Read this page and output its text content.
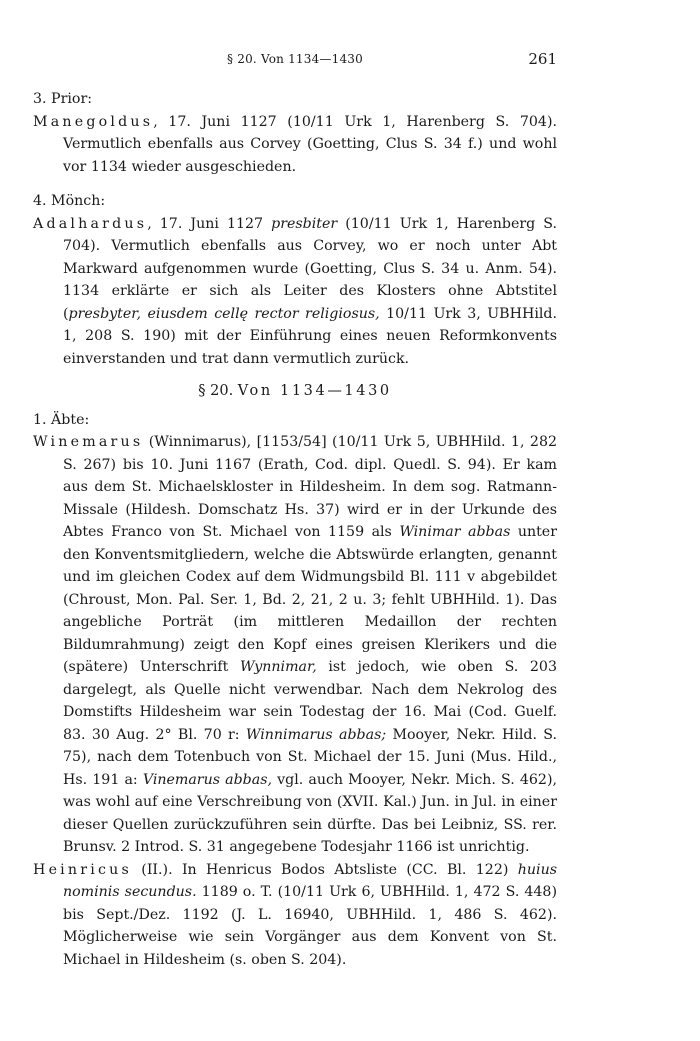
§ 20. Von 1134—1430	261

3. Prior:

Manegoldus, 17. Juni 1127 (10/11 Urk 1, Harenberg S. 704). Vermutlich ebenfalls aus Corvey (Goetting, Clus S. 34 f.) und wohl vor 1134 wieder ausgeschieden.

4. Mönch:

Adalhardus, 17. Juni 1127 presbiter (10/11 Urk 1, Harenberg S. 704). Vermutlich ebenfalls aus Corvey, wo er noch unter Abt Markward aufgenommen wurde (Goetting, Clus S. 34 u. Anm. 54). 1134 erklärte er sich als Leiter des Klosters ohne Abtstitel (presbyter, eiusdem cellę rector religiosus, 10/11 Urk 3, UBHHild. 1, 208 S. 190) mit der Einführung eines neuen Reformkonvents einverstanden und trat dann vermutlich zurück.

§ 20. Von 1134—1430

1. Äbte:

Winemarus (Winnimarus), [1153/54] (10/11 Urk 5, UBHHild. 1, 282 S. 267) bis 10. Juni 1167 (Erath, Cod. dipl. Quedl. S. 94). Er kam aus dem St. Michaelskloster in Hildesheim. In dem sog. Ratmann-Missale (Hildesh. Domschatz Hs. 37) wird er in der Urkunde des Abtes Franco von St. Michael von 1159 als Winimar abbas unter den Konventsmitgliedern, welche die Abtswürde erlangten, genannt und im gleichen Codex auf dem Widmungsbild Bl. 111 v abgebildet (Chroust, Mon. Pal. Ser. 1, Bd. 2, 21, 2 u. 3; fehlt UBHHild. 1). Das angebliche Porträt (im mittleren Medaillon der rechten Bildumrahmung) zeigt den Kopf eines greisen Klerikers und die (spätere) Unterschrift Wynnimar, ist jedoch, wie oben S. 203 dargelegt, als Quelle nicht verwendbar. Nach dem Nekrolog des Domstifts Hildesheim war sein Todestag der 16. Mai (Cod. Guelf. 83. 30 Aug. 2° Bl. 70 r: Winnimarus abbas; Mooyer, Nekr. Hild. S. 75), nach dem Totenbuch von St. Michael der 15. Juni (Mus. Hild., Hs. 191 a: Vinemarus abbas, vgl. auch Mooyer, Nekr. Mich. S. 462), was wohl auf eine Verschreibung von (XVII. Kal.) Jun. in Jul. in einer dieser Quellen zurückzuführen sein dürfte. Das bei Leibniz, SS. rer. Brunsv. 2 Introd. S. 31 angegebene Todesjahr 1166 ist unrichtig.

Heinricus (II.). In Henricus Bodos Abtsliste (CC. Bl. 122) huius nominis secundus. 1189 o. T. (10/11 Urk 6, UBHHild. 1, 472 S. 448) bis Sept./Dez. 1192 (J. L. 16940, UBHHild. 1, 486 S. 462). Möglicherweise wie sein Vorgänger aus dem Konvent von St. Michael in Hildesheim (s. oben S. 204).
